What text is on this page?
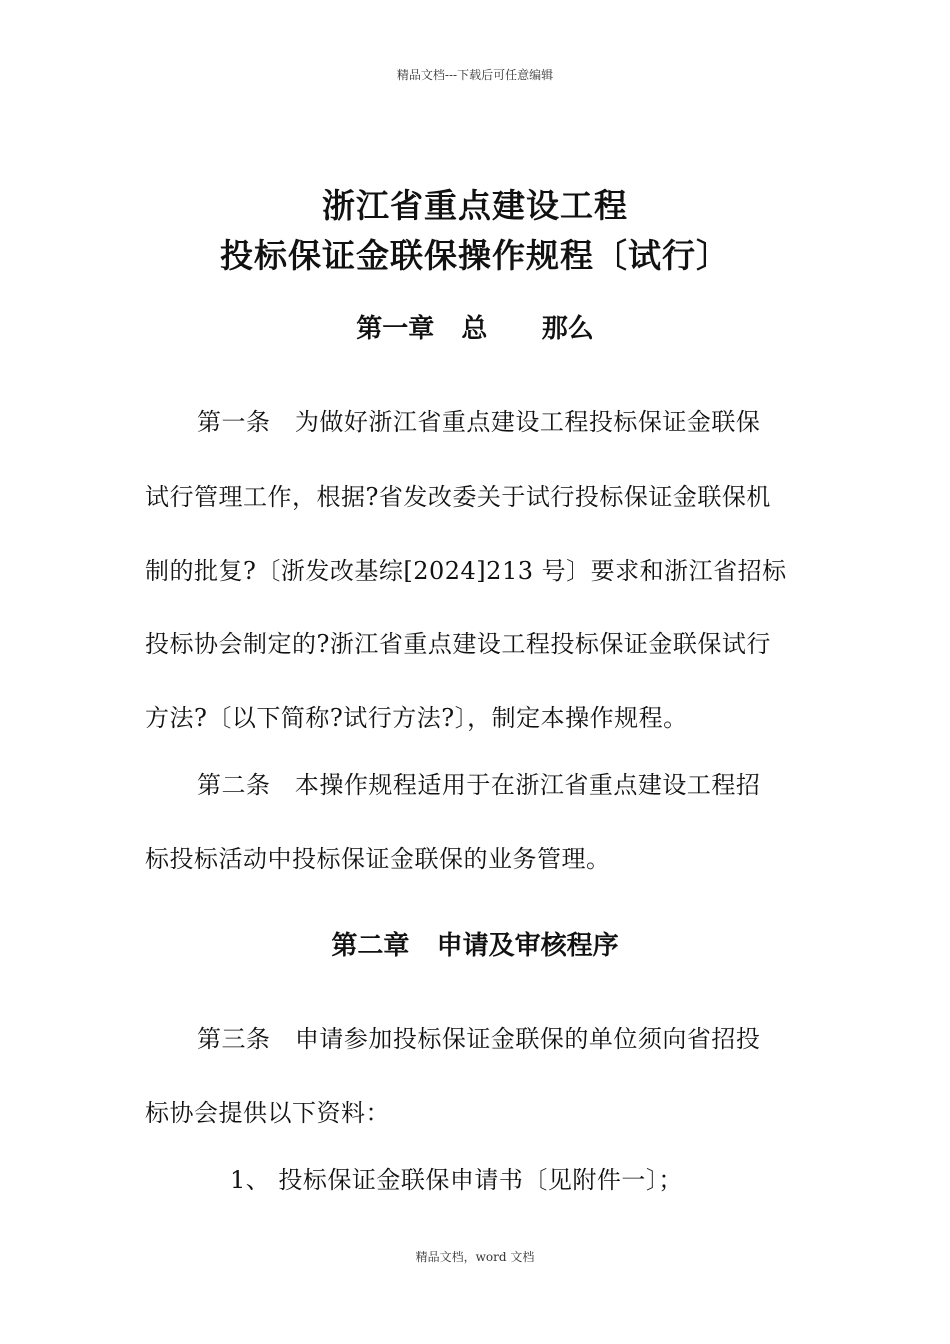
精品文档---下载后可任意编辑
浙江省重点建设工程
投标保证金联保操作规程〔试行〕
第一章   总      那么
第一条   为做好浙江省重点建设工程投标保证金联保
试行管理工作，根据?省发改委关于试行投标保证金联保机
制的批复?〔浙发改基综[2024]213 号〕要求和浙江省招标
投标协会制定的?浙江省重点建设工程投标保证金联保试行
方法?〔以下简称?试行方法?〕，制定本操作规程。
第二条   本操作规程适用于在浙江省重点建设工程招
标投标活动中投标保证金联保的业务管理。
第二章   申请及审核程序
第三条   申请参加投标保证金联保的单位须向省招投
标协会提供以下资料：
1、 投标保证金联保申请书〔见附件一〕；
精品文档，word 文档
